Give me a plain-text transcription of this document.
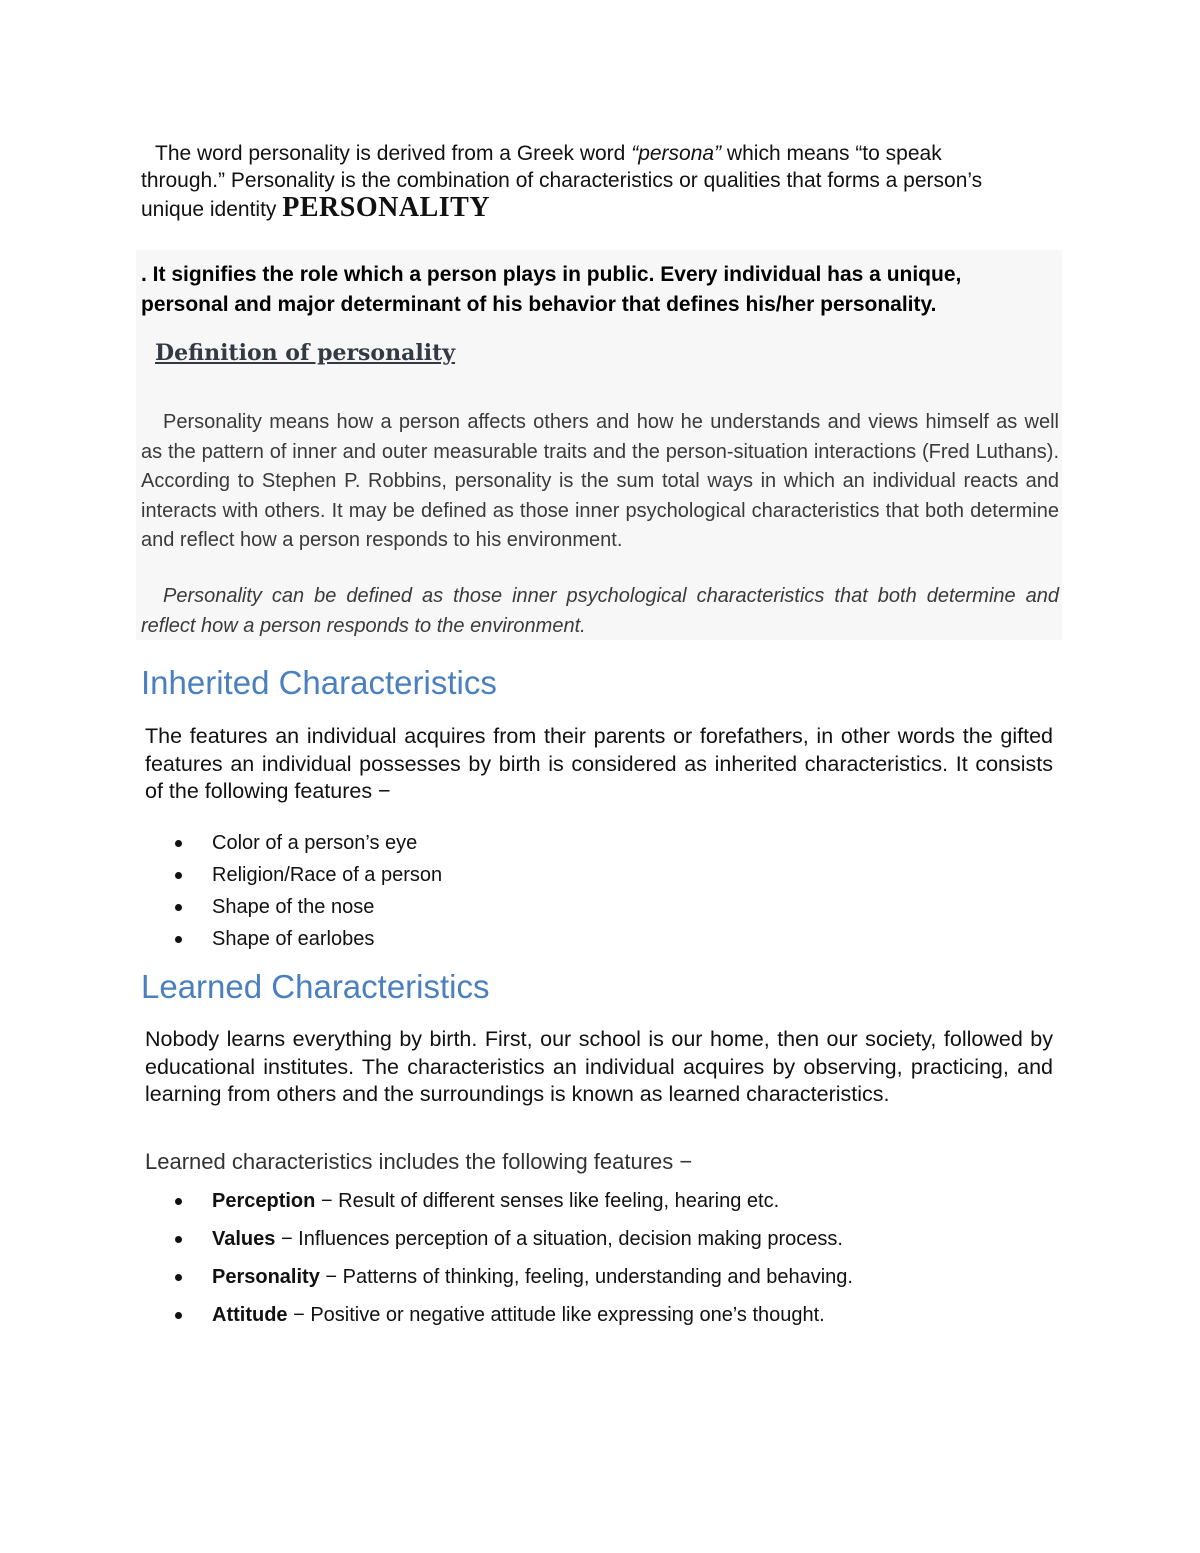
The word personality is derived from a Greek word “persona” which means “to speak
through.” Personality is the combination of characteristics or qualities that forms a person’s
unique identity PERSONALITY
. It signifies the role which a person plays in public. Every individual has a unique,
personal and major determinant of his behavior that defines his/her personality.
Definition of personality
Personality means how a person affects others and how he understands and views himself as well as the pattern of inner and outer measurable traits and the person-situation interactions (Fred Luthans). According to Stephen P. Robbins, personality is the sum total ways in which an individual reacts and interacts with others. It may be defined as those inner psychological characteristics that both determine and reflect how a person responds to his environment.
Personality can be defined as those inner psychological characteristics that both determine and reflect how a person responds to the environment.
Inherited Characteristics
The features an individual acquires from their parents or forefathers, in other words the gifted features an individual possesses by birth is considered as inherited characteristics. It consists of the following features −
Color of a person’s eye
Religion/Race of a person
Shape of the nose
Shape of earlobes
Learned Characteristics
Nobody learns everything by birth. First, our school is our home, then our society, followed by educational institutes. The characteristics an individual acquires by observing, practicing, and learning from others and the surroundings is known as learned characteristics.
Learned characteristics includes the following features −
Perception − Result of different senses like feeling, hearing etc.
Values − Influences perception of a situation, decision making process.
Personality − Patterns of thinking, feeling, understanding and behaving.
Attitude − Positive or negative attitude like expressing one’s thought.
